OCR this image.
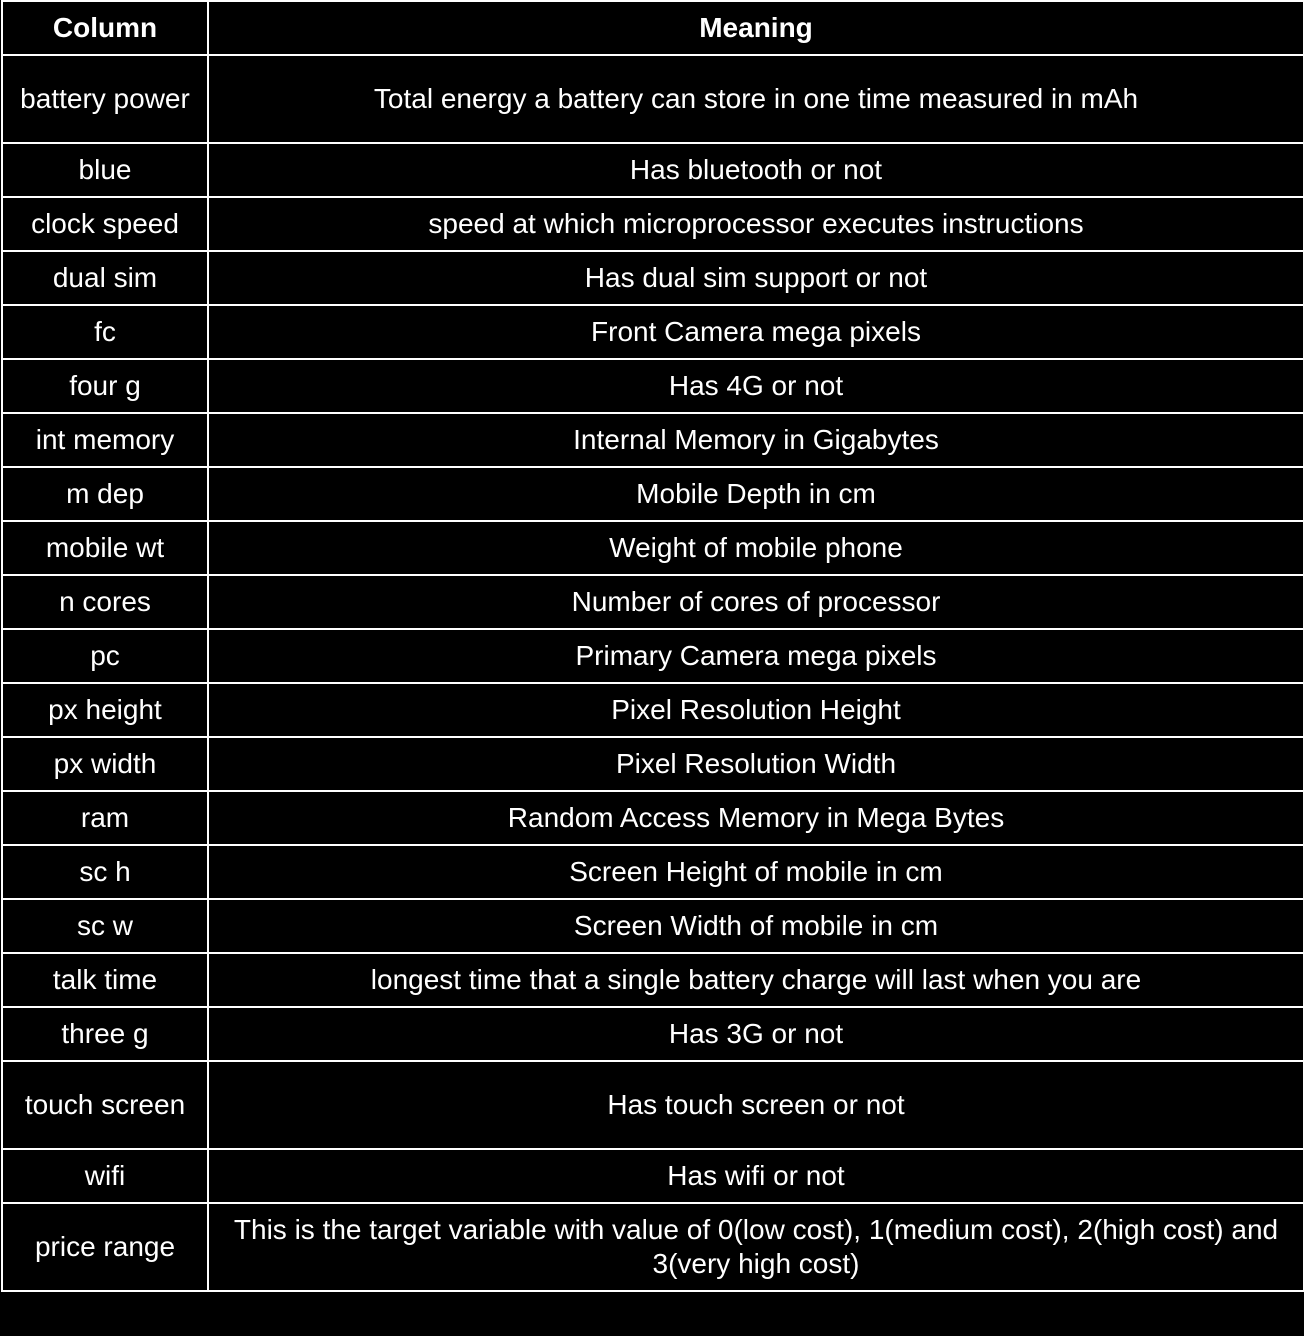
Column	Meaning
battery power	Total energy a battery can store in one time measured in mAh
blue	Has bluetooth or not
clock speed	speed at which microprocessor executes instructions
dual sim	Has dual sim support or not
fc	Front Camera mega pixels
four g	Has 4G or not
int memory	Internal Memory in Gigabytes
m dep	Mobile Depth in cm
mobile wt	Weight of mobile phone
n cores	Number of cores of processor
pc	Primary Camera mega pixels
px height	Pixel Resolution Height
px width	Pixel Resolution Width
ram	Random Access Memory in Mega Bytes
sc h	Screen Height of mobile in cm
sc w	Screen Width of mobile in cm
talk time	longest time that a single battery charge will last when you are
three g	Has 3G or not
touch screen	Has touch screen or not
wifi	Has wifi or not
price range	This is the target variable with value of 0(low cost), 1(medium cost), 2(high cost) and 3(very high cost)
